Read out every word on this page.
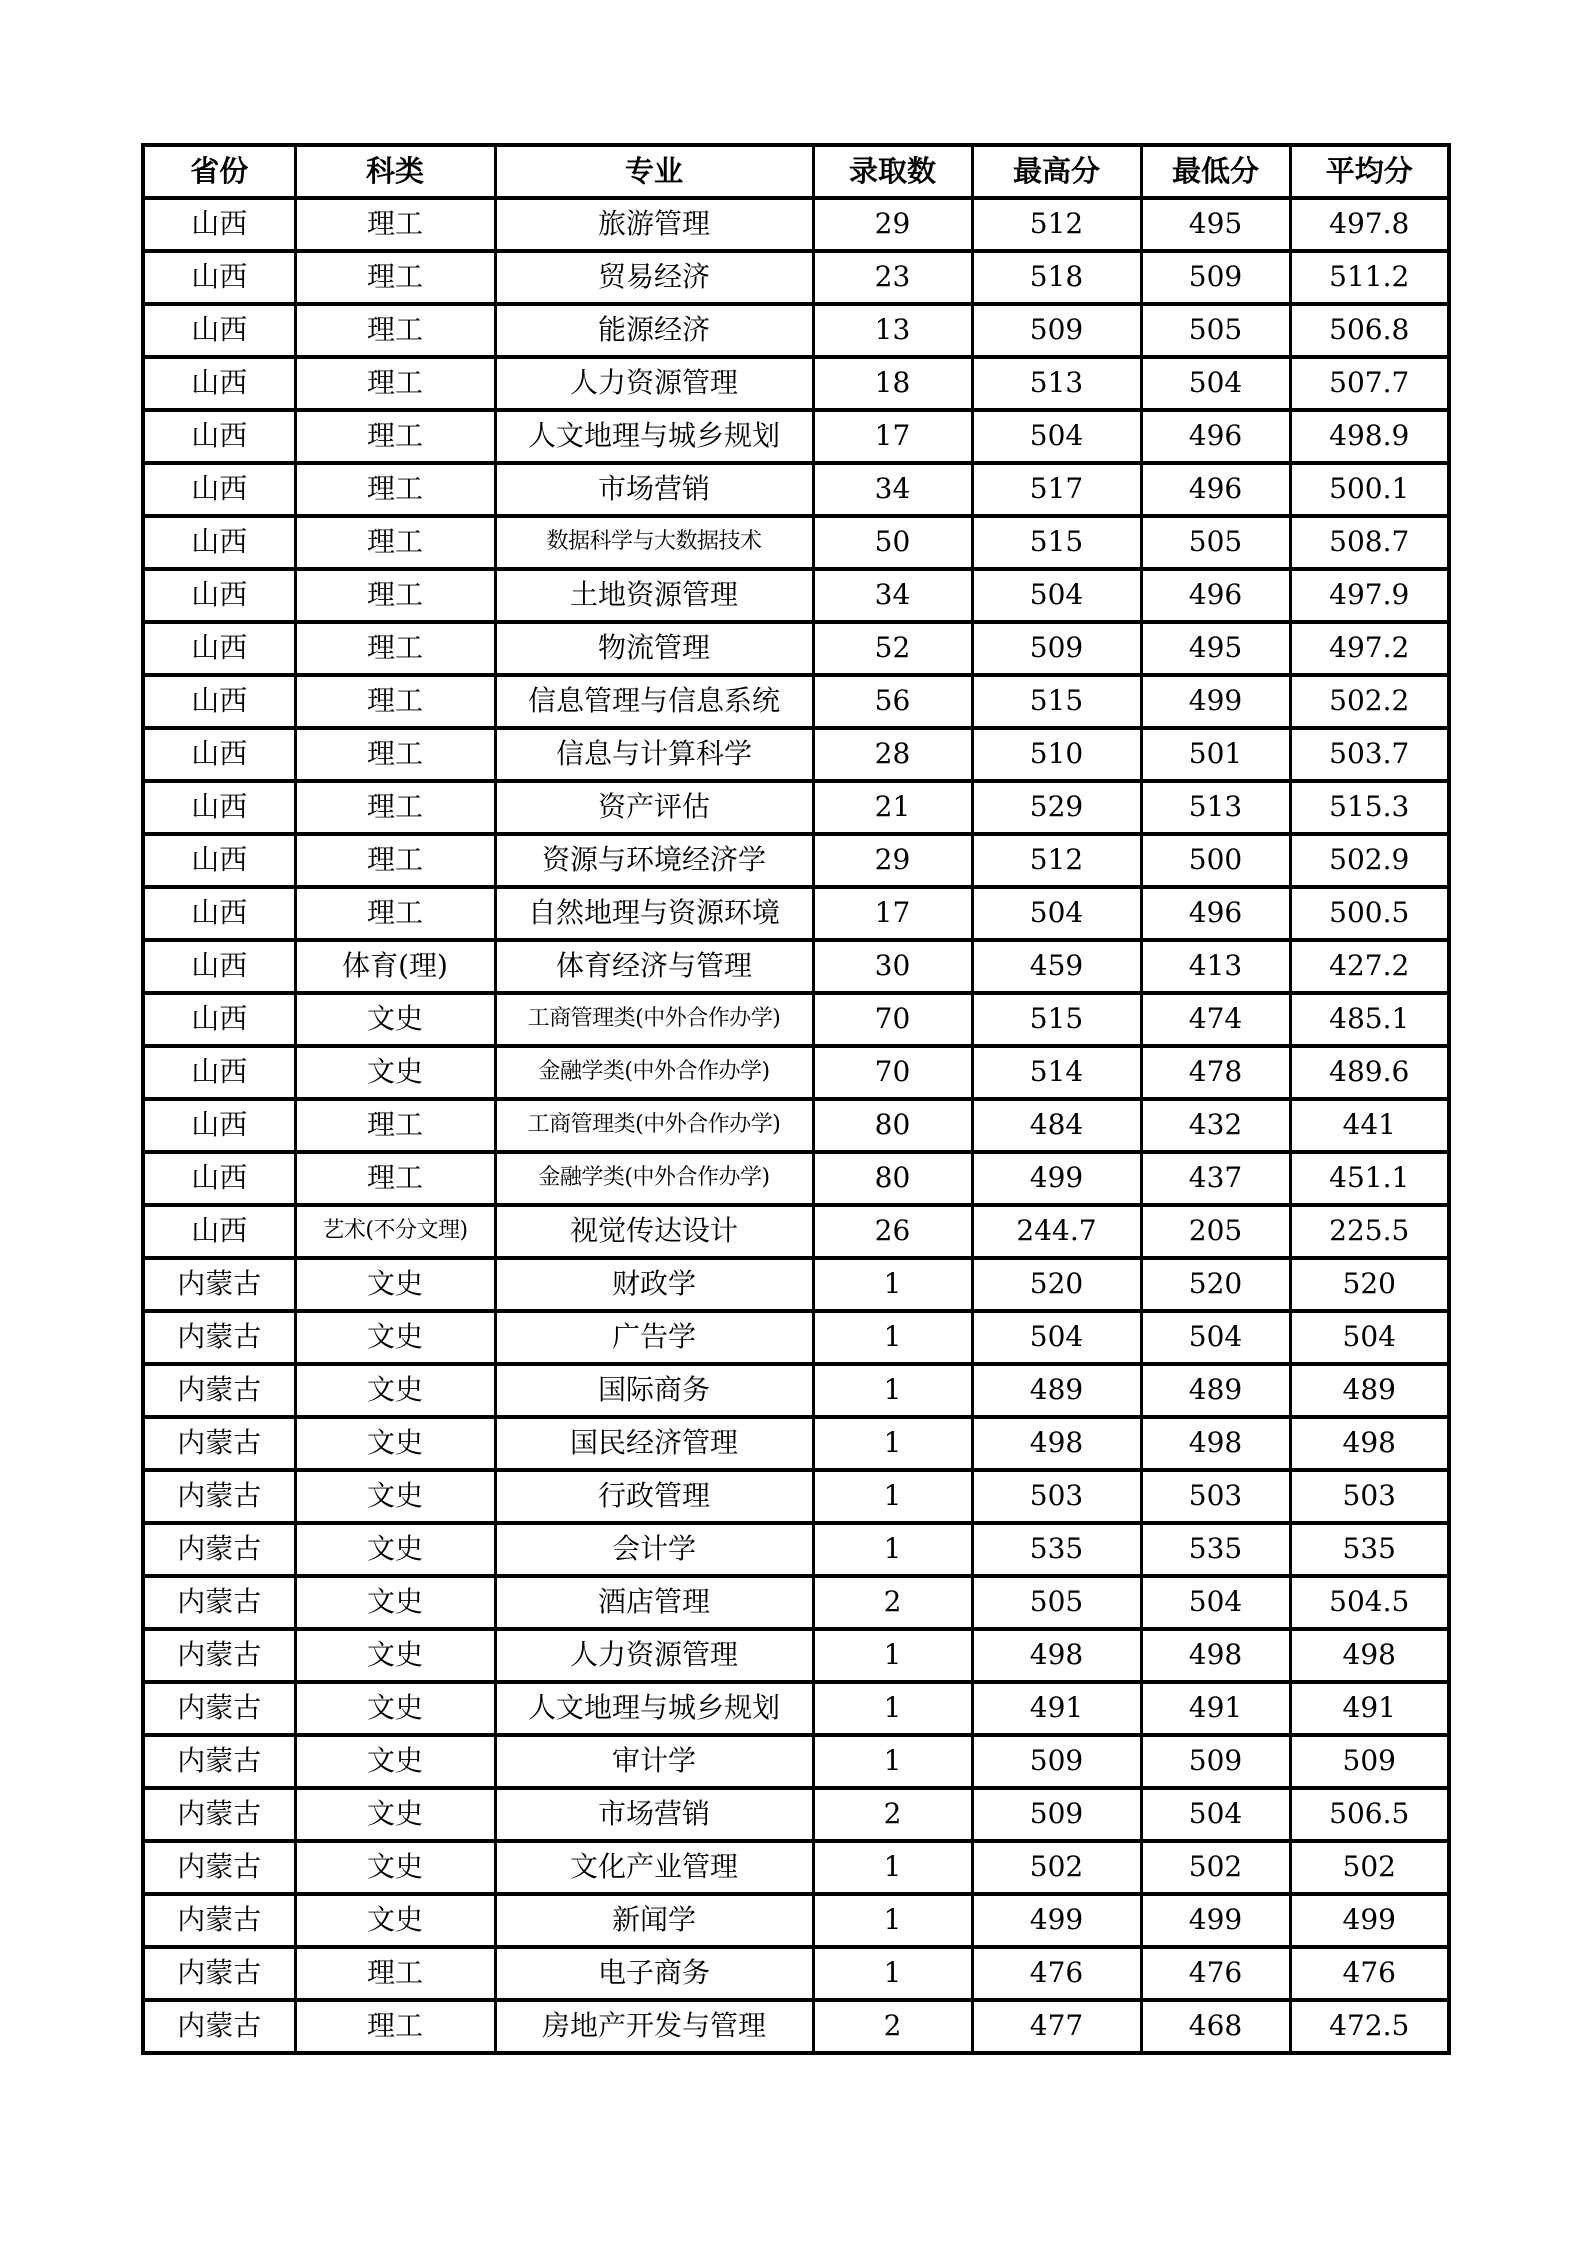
省份	科类	专业	录取数	最高分	最低分	平均分
山西	理工	旅游管理	29	512	495	497.8
山西	理工	贸易经济	23	518	509	511.2
山西	理工	能源经济	13	509	505	506.8
山西	理工	人力资源管理	18	513	504	507.7
山西	理工	人文地理与城乡规划	17	504	496	498.9
山西	理工	市场营销	34	517	496	500.1
山西	理工	数据科学与大数据技术	50	515	505	508.7
山西	理工	土地资源管理	34	504	496	497.9
山西	理工	物流管理	52	509	495	497.2
山西	理工	信息管理与信息系统	56	515	499	502.2
山西	理工	信息与计算科学	28	510	501	503.7
山西	理工	资产评估	21	529	513	515.3
山西	理工	资源与环境经济学	29	512	500	502.9
山西	理工	自然地理与资源环境	17	504	496	500.5
山西	体育(理)	体育经济与管理	30	459	413	427.2
山西	文史	工商管理类(中外合作办学)	70	515	474	485.1
山西	文史	金融学类(中外合作办学)	70	514	478	489.6
山西	理工	工商管理类(中外合作办学)	80	484	432	441
山西	理工	金融学类(中外合作办学)	80	499	437	451.1
山西	艺术(不分文理)	视觉传达设计	26	244.7	205	225.5
内蒙古	文史	财政学	1	520	520	520
内蒙古	文史	广告学	1	504	504	504
内蒙古	文史	国际商务	1	489	489	489
内蒙古	文史	国民经济管理	1	498	498	498
内蒙古	文史	行政管理	1	503	503	503
内蒙古	文史	会计学	1	535	535	535
内蒙古	文史	酒店管理	2	505	504	504.5
内蒙古	文史	人力资源管理	1	498	498	498
内蒙古	文史	人文地理与城乡规划	1	491	491	491
内蒙古	文史	审计学	1	509	509	509
内蒙古	文史	市场营销	2	509	504	506.5
内蒙古	文史	文化产业管理	1	502	502	502
内蒙古	文史	新闻学	1	499	499	499
内蒙古	理工	电子商务	1	476	476	476
内蒙古	理工	房地产开发与管理	2	477	468	472.5
